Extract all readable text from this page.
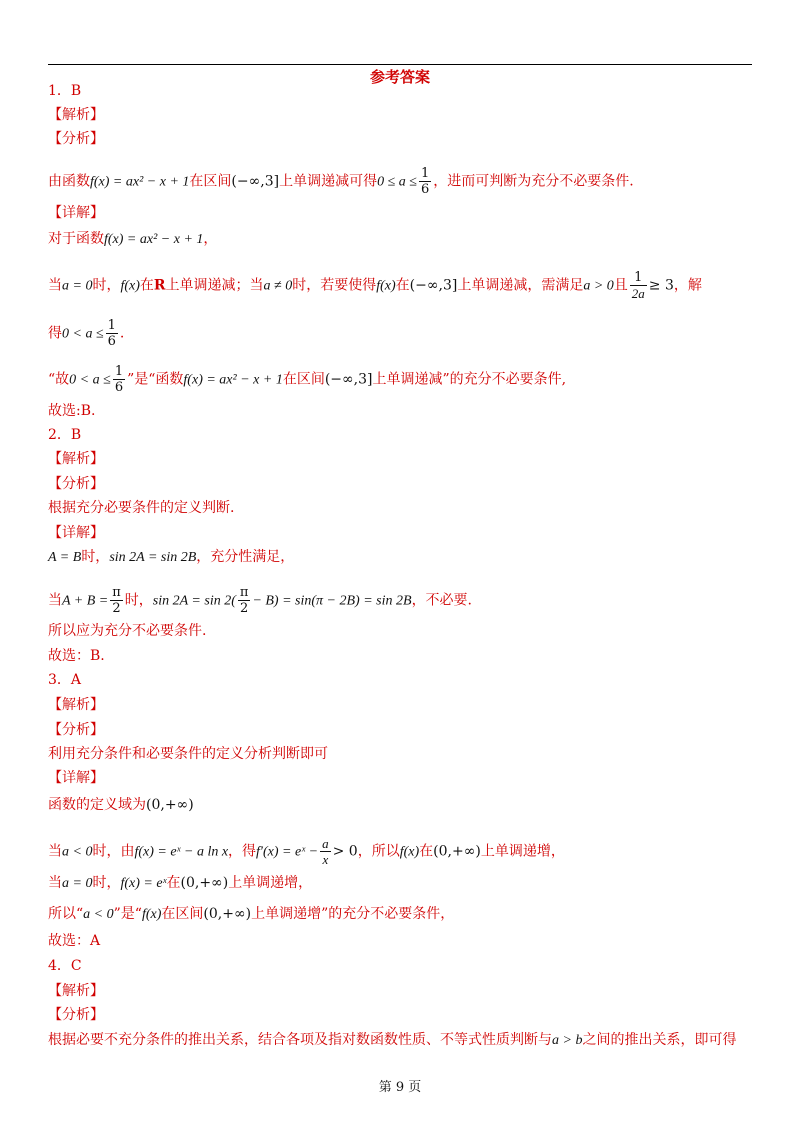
参考答案
1．B
【解析】
【分析】
由函数f(x) = ax² − x + 1在区间(−∞,3]上单调递减可得$0 \le a \le \frac{1}{6}$ ，进而可判断为充分不必要条件.
【详解】
对于函数f(x) = ax² − x + 1，
当a = 0时，f(x)在R上单调递减；当a ≠ 0时，若要使得f(x)在(−∞,3]上单调递减，需满足a > 0且 $\frac{1}{2a} \ge 3$，解
得$0 < a \le \frac{1}{6}$ .
“故$0 < a \le \frac{1}{6}$ ”是“函数f(x) = ax² − x + 1在区间(−∞,3]上单调递减”的充分不必要条件,
故选:B.
2．B
【解析】
【分析】
根据充分必要条件的定义判断.
【详解】
A = B时，sin 2A = sin 2B，充分性满足，
当$A + B = \frac{\pi}{2}$ 时，$\sin 2A = \sin 2( \frac{\pi}{2} - B) = \sin(\pi - 2B) = \sin 2B$，不必要.
所以应为充分不必要条件.
故选：B.
3．A
【解析】
【分析】
利用充分条件和必要条件的定义分析判断即可
【详解】
函数的定义域为(0,+∞)
当a < 0时，由f(x) = eˣ − a ln x，得f′(x) = eˣ − $\frac{a}{x} > 0$，所以f(x)在(0,+∞)上单调递增，
当a = 0时，f(x) = eˣ在(0,+∞)上单调递增，
所以“a < 0”是“f(x)在区间(0,+∞)上单调递增”的充分不必要条件，
故选：A
4．C
【解析】
【分析】
根据必要不充分条件的推出关系，结合各项及指对数函数性质、不等式性质判断与a > b之间的推出关系，即可得
第 9 页
